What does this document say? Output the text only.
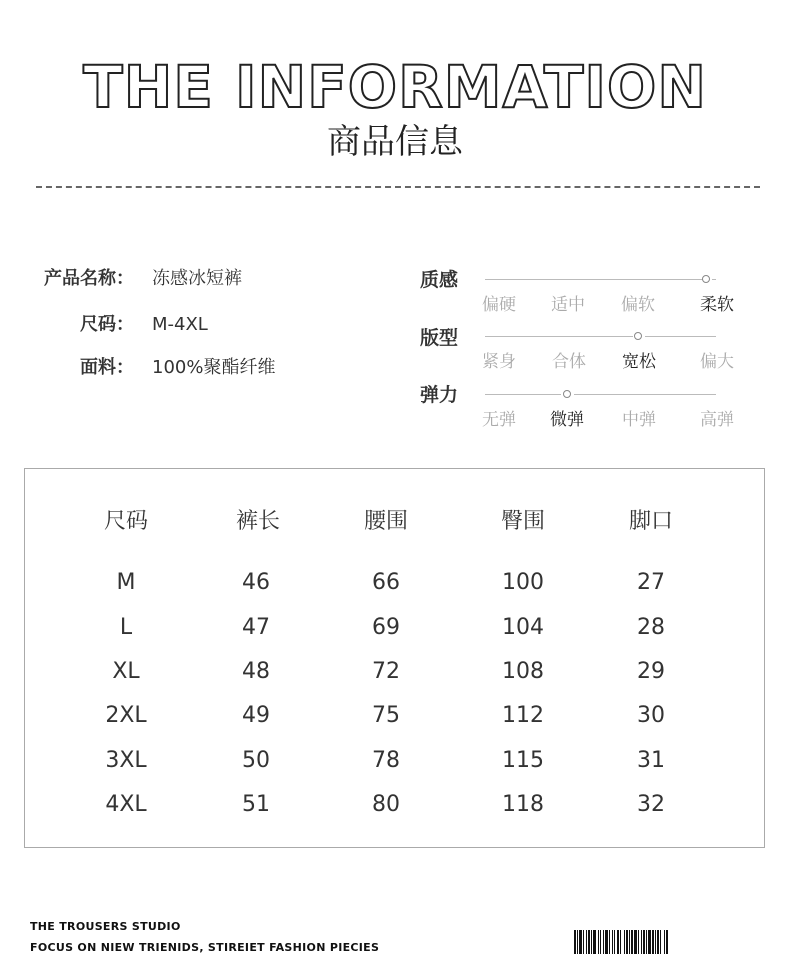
THE INFORMATION
商品信息
产品名称： 冻感冰短裤
尺码： M-4XL
面料： 100%聚酯纤维
质感
偏硬 适中 偏软	柔软
版型
紧身 合体 宽松	偏大
弹力
无弹 微弹 中弹	高弹
尺码	裤长	腰围	臀围	脚口
M	46	66	100	27
L	47	69	104	28
XL	48	72	108	29
2XL	49	75	112	30
3XL	50	78	115	31
4XL	51	80	118	32
THE TROUSERS STUDIO
FOCUS ON NIEW TRIENIDS, STIREIET FASHION PIECIES
